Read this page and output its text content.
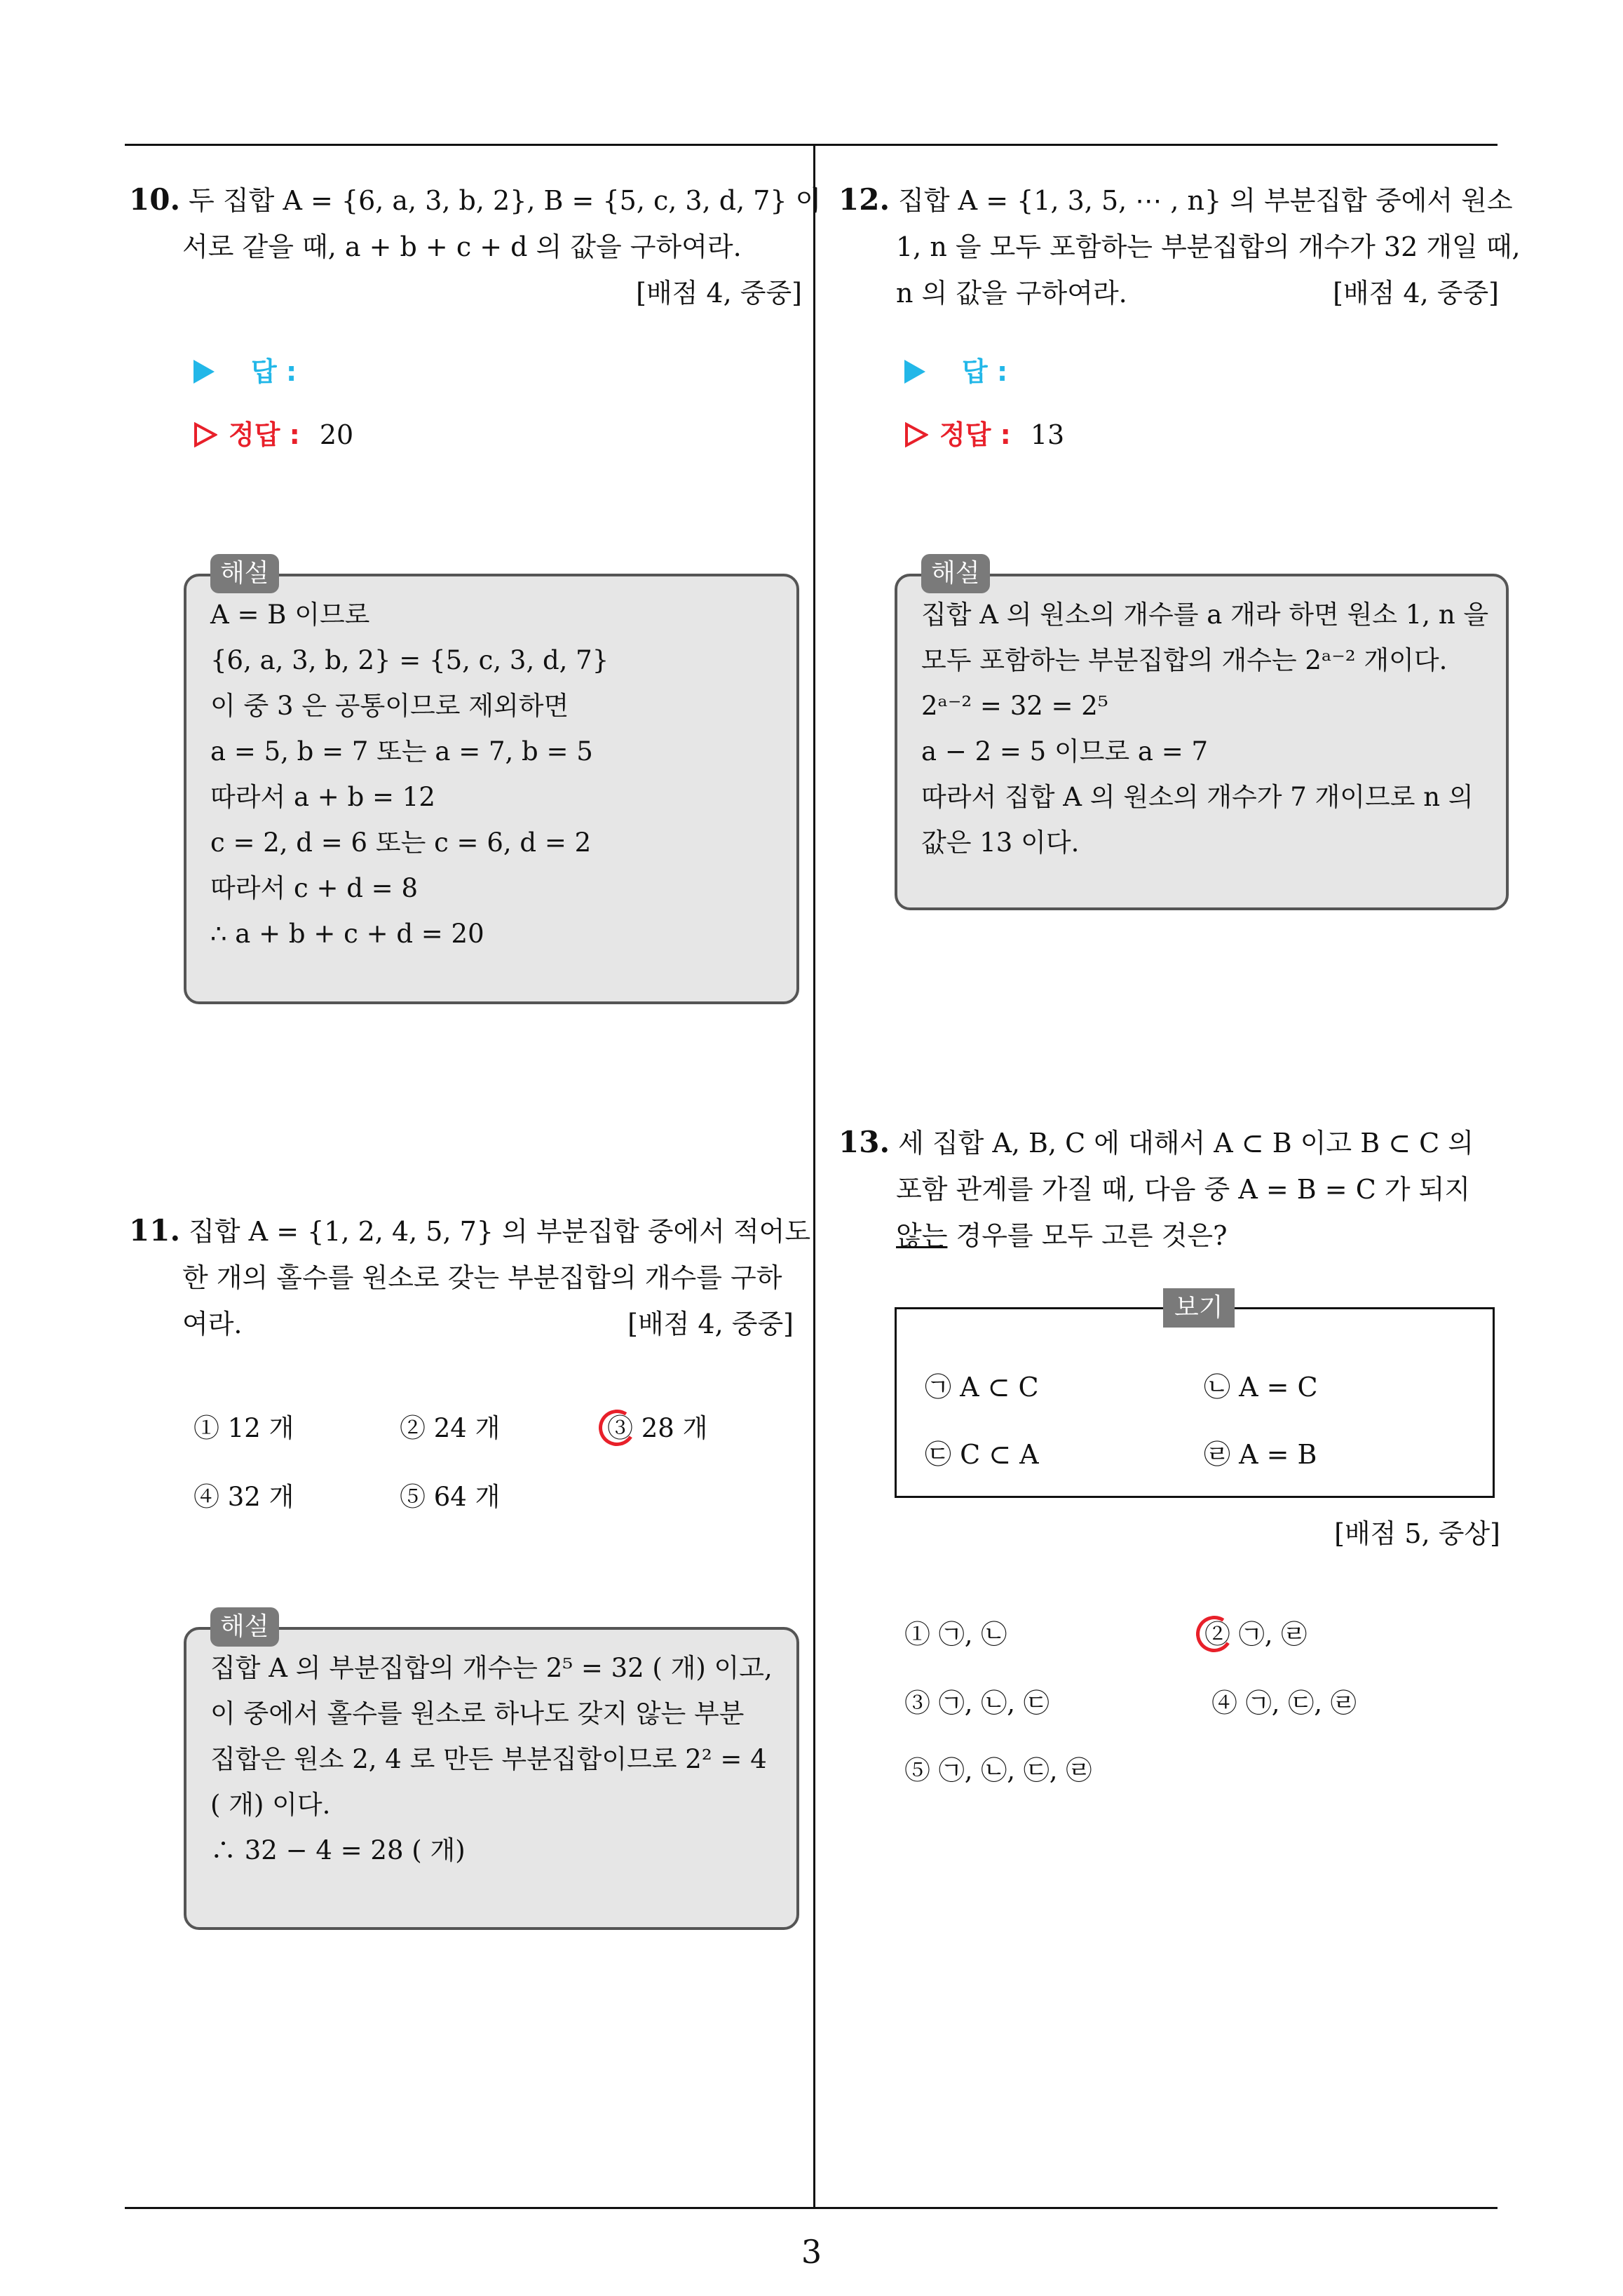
10. 두 집합 A = {6, a, 3, b, 2}, B = {5, c, 3, d, 7} 이
서로 같을 때, a + b + c + d 의 값을 구하여라.
[배점 4, 중중]
답 :
정답 : 20
해설
A = B 이므로
{6, a, 3, b, 2} = {5, c, 3, d, 7}
이 중 3 은 공통이므로 제외하면
a = 5, b = 7 또는 a = 7, b = 5
따라서 a + b = 12
c = 2, d = 6 또는 c = 6, d = 2
따라서 c + d = 8
∴ a + b + c + d = 20
11. 집합 A = {1, 2, 4, 5, 7} 의 부분집합 중에서 적어도
한 개의 홀수를 원소로 갖는 부분집합의 개수를 구하
여라.	[배점 4, 중중]
① 12 개	② 24 개	③ 28 개
④ 32 개	⑤ 64 개
해설
집합 A 의 부분집합의 개수는 2⁵ = 32 ( 개) 이고,
이 중에서 홀수를 원소로 하나도 갖지 않는 부분
집합은 원소 2, 4 로 만든 부분집합이므로 2² = 4
( 개) 이다.
∴ 32 − 4 = 28 ( 개)
12. 집합 A = {1, 3, 5, ⋯ , n} 의 부분집합 중에서 원소
1, n 을 모두 포함하는 부분집합의 개수가 32 개일 때,
n 의 값을 구하여라.	[배점 4, 중중]
답 :
정답 : 13
해설
집합 A 의 원소의 개수를 a 개라 하면 원소 1, n 을
모두 포함하는 부분집합의 개수는 2ᵃ⁻² 개이다.
2ᵃ⁻² = 32 = 2⁵
a − 2 = 5 이므로 a = 7
따라서 집합 A 의 원소의 개수가 7 개이므로 n 의
값은 13 이다.
13. 세 집합 A, B, C 에 대해서 A ⊂ B 이고 B ⊂ C 의
포함 관계를 가질 때, 다음 중 A = B = C 가 되지
않는 경우를 모두 고른 것은?
보기
㉠ A ⊂ C	㉡ A = C
㉢ C ⊂ A	㉣ A = B
[배점 5, 중상]
① ㉠, ㉡	② ㉠, ㉣
③ ㉠, ㉡, ㉢	④ ㉠, ㉢, ㉣
⑤ ㉠, ㉡, ㉢, ㉣
3
